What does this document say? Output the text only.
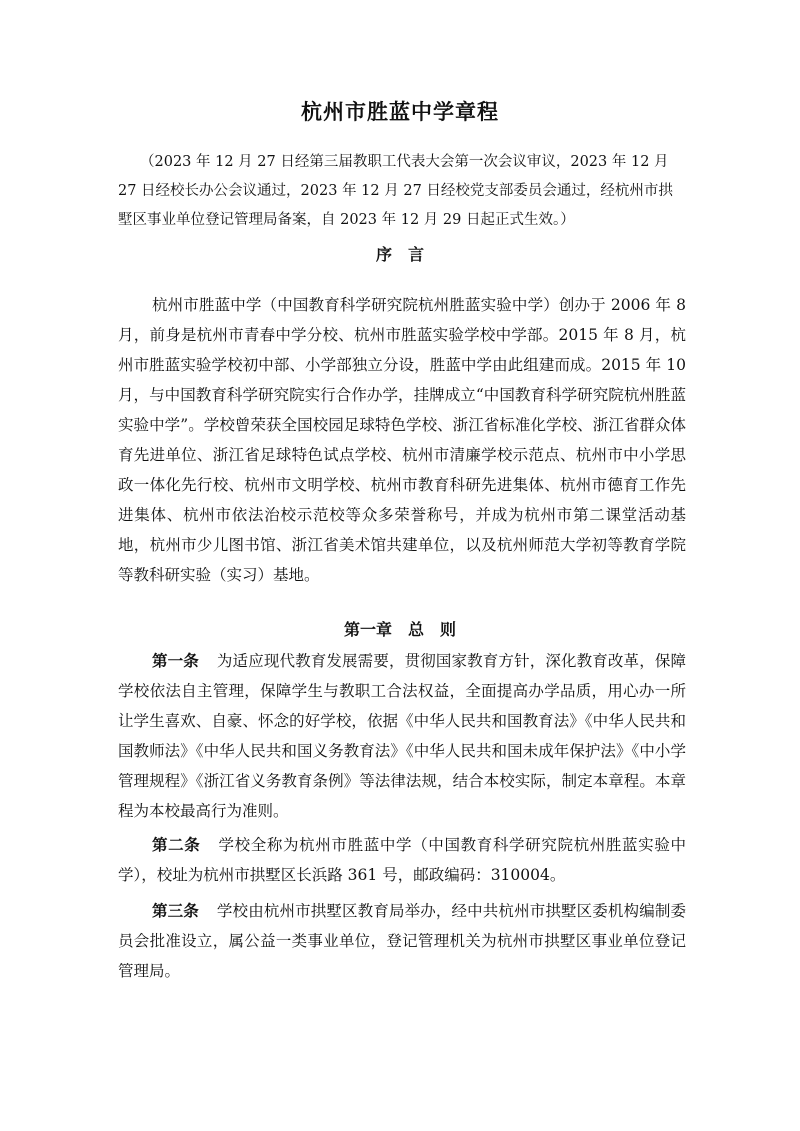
杭州市胜蓝中学章程

（2023 年 12 月 27 日经第三届教职工代表大会第一次会议审议，2023 年 12 月 27 日经校长办公会议通过，2023 年 12 月 27 日经校党支部委员会通过，经杭州市拱墅区事业单位登记管理局备案，自 2023 年 12 月 29 日起正式生效。）

序　言

杭州市胜蓝中学（中国教育科学研究院杭州胜蓝实验中学）创办于 2006 年 8 月，前身是杭州市青春中学分校、杭州市胜蓝实验学校中学部。2015 年 8 月，杭州市胜蓝实验学校初中部、小学部独立分设，胜蓝中学由此组建而成。2015 年 10 月，与中国教育科学研究院实行合作办学，挂牌成立“中国教育科学研究院杭州胜蓝实验中学”。学校曾荣获全国校园足球特色学校、浙江省标准化学校、浙江省群众体育先进单位、浙江省足球特色试点学校、杭州市清廉学校示范点、杭州市中小学思政一体化先行校、杭州市文明学校、杭州市教育科研先进集体、杭州市德育工作先进集体、杭州市依法治校示范校等众多荣誉称号，并成为杭州市第二课堂活动基地，杭州市少儿图书馆、浙江省美术馆共建单位，以及杭州师范大学初等教育学院等教科研实验（实习）基地。

第一章　总　则

第一条 为适应现代教育发展需要，贯彻国家教育方针，深化教育改革，保障学校依法自主管理，保障学生与教职工合法权益，全面提高办学品质，用心办一所让学生喜欢、自豪、怀念的好学校，依据《中华人民共和国教育法》《中华人民共和国教师法》《中华人民共和国义务教育法》《中华人民共和国未成年保护法》《中小学管理规程》《浙江省义务教育条例》等法律法规，结合本校实际，制定本章程。本章程为本校最高行为准则。

第二条 学校全称为杭州市胜蓝中学（中国教育科学研究院杭州胜蓝实验中学），校址为杭州市拱墅区长浜路 361 号，邮政编码：310004。

第三条 学校由杭州市拱墅区教育局举办，经中共杭州市拱墅区委机构编制委员会批准设立，属公益一类事业单位，登记管理机关为杭州市拱墅区事业单位登记管理局。
